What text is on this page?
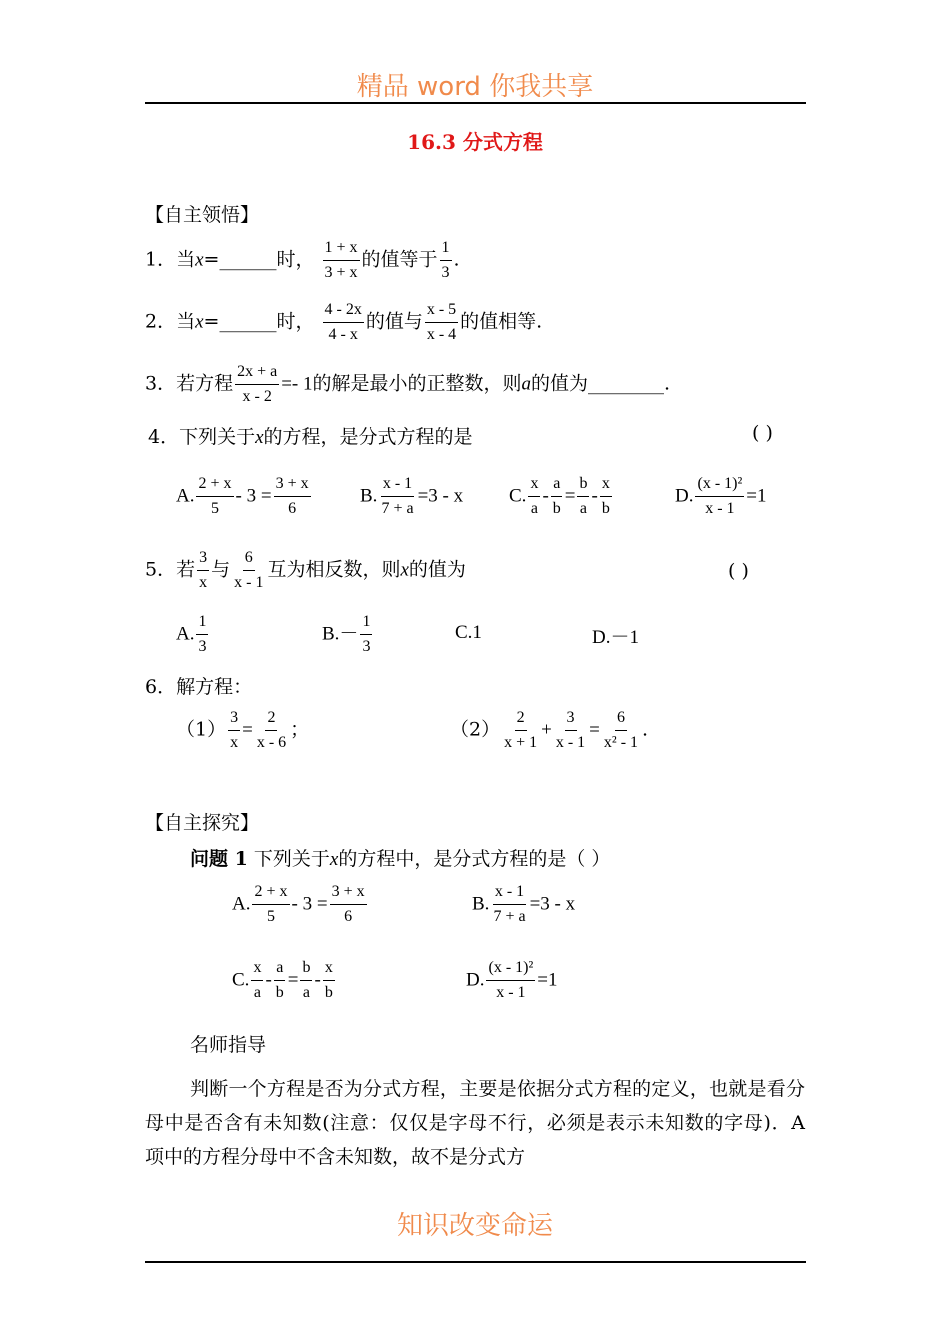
精品 word 你我共享
16.3 分式方程
【自主领悟】
1．当x=______时， $\frac{1 + x}{3 + x}$ 的值等于 $\frac{1}{3}$ .
2．当x=______时， $\frac{4 - 2x}{4 - x}$ 的值与 $\frac{x - 5}{x - 4}$ 的值相等.
3．若方程 $\frac{2x + a}{x - 2} =- 1$的解是最小的正整数，则a的值为________.
4．下列关于x的方程，是分式方程的是	( )
A. $\frac{2 + x}{5} - 3 = \frac{3 + x}{6}$	B. $\frac{x - 1}{7 + a} =3 - x$ C. $\frac{x}{a} - \frac{a}{b} = \frac{b}{a} - \frac{x}{b}$	D. $\frac{\text{(x - 1)²}}{x - 1} =1$
5．若 $\frac{3}{x}$ 与 $\frac{6}{x - 1}$ 互为相反数，则x的值为	( )
A. $\frac{1}{3}$	$B.- \frac{1}{3}$	C.1	D.－1
6．解方程：
$(1) \frac{3}{x} = \frac{2}{x - 6}$ ；	$(2) \frac{2}{x + 1} + \frac{3}{x - 1} = \frac{6}{\text{x² - 1}}$ .
【自主探究】
问题 1 下列关于x的方程中，是分式方程的是（ ）
A. $\frac{2 + x}{5} - 3 = \frac{3 + x}{6}$	B. $\frac{x - 1}{7 + a} =3 - x$
C. $\frac{x}{a} - \frac{a}{b} = \frac{b}{a} - \frac{x}{b}$	D. $\frac{\text{(x - 1)²}}{x - 1} =1$
名师指导
判断一个方程是否为分式方程，主要是依据分式方程的定义，也就是看分母中是否含有未知数(注意：仅仅是字母不行，必须是表示未知数的字母)．A 项中的方程分母中不含未知数，故不是分式方
知识改变命运
